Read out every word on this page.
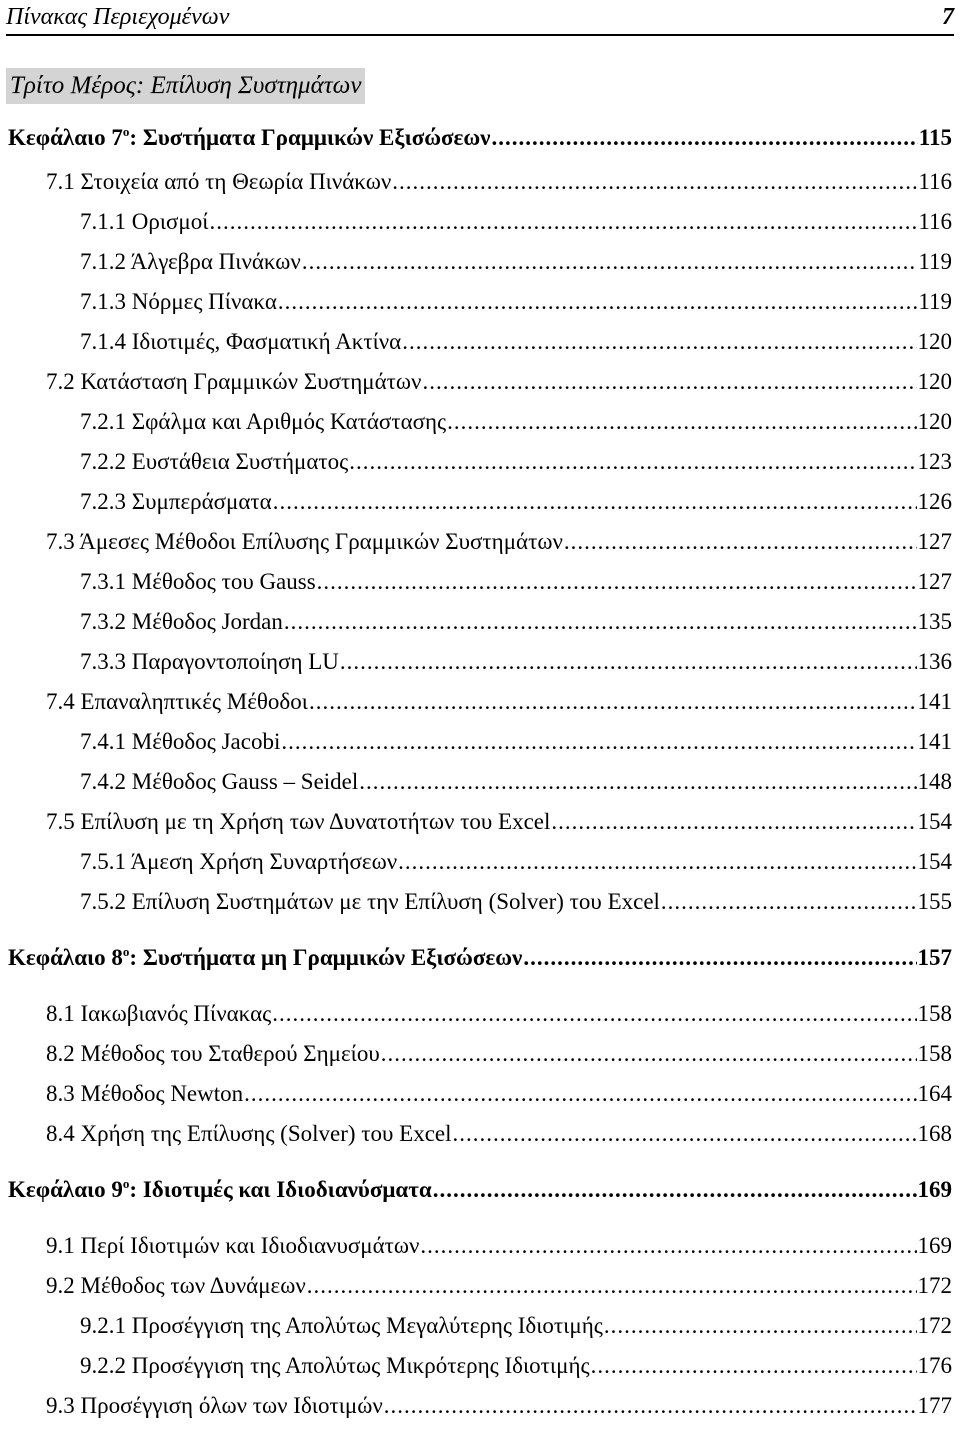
Πίνακας Περιεχομένων	7
Τρίτο Μέρος: Επίλυση Συστημάτων
Κεφάλαιο $7^o$: Συστήματα Γραμμικών Εξισώσεων .....	115
7.1 Στοιχεία από τη Θεωρία Πινάκων .....	116
7.1.1 Ορισμοί .....	116
7.1.2 Άλγεβρα Πινάκων .....	119
7.1.3 Νόρμες Πίνακα .....	119
7.1.4 Ιδιοτιμές, Φασματική Ακτίνα .....	120
7.2 Κατάσταση Γραμμικών Συστημάτων .....	120
7.2.1 Σφάλμα και Αριθμός Κατάστασης .....	120
7.2.2 Ευστάθεια Συστήματος .....	123
7.2.3 Συμπεράσματα .....	126
7.3 Άμεσες Μέθοδοι Επίλυσης Γραμμικών Συστημάτων .....	127
7.3.1 Μέθοδος του Gauss .....	127
7.3.2 Μέθοδος Jordan .....	135
7.3.3 Παραγοντοποίηση LU .....	136
7.4 Επαναληπτικές Μέθοδοι .....	141
7.4.1 Μέθοδος Jacobi .....	141
7.4.2 Μέθοδος Gauss – Seidel .....	148
7.5 Επίλυση με τη Χρήση των Δυνατοτήτων του Excel .....	154
7.5.1 Άμεση Χρήση Συναρτήσεων .....	154
7.5.2 Επίλυση Συστημάτων με την Επίλυση (Solver) του Excel .....	155
Κεφάλαιο $8^o$: Συστήματα μη Γραμμικών Εξισώσεων .....	157
8.1 Ιακωβιανός Πίνακας .....	158
8.2 Μέθοδος του Σταθερού Σημείου .....	158
8.3 Μέθοδος Newton .....	164
8.4 Χρήση της Επίλυσης (Solver) του Excel .....	168
Κεφάλαιο $9^o$: Ιδιοτιμές και Ιδιοδιανύσματα .....	169
9.1 Περί Ιδιοτιμών και Ιδιοδιανυσμάτων .....	169
9.2 Μέθοδος των Δυνάμεων .....	172
9.2.1 Προσέγγιση της Απολύτως Μεγαλύτερης Ιδιοτιμής .....	172
9.2.2 Προσέγγιση της Απολύτως Μικρότερης Ιδιοτιμής .....	176
9.3 Προσέγγιση όλων των Ιδιοτιμών .....	177
